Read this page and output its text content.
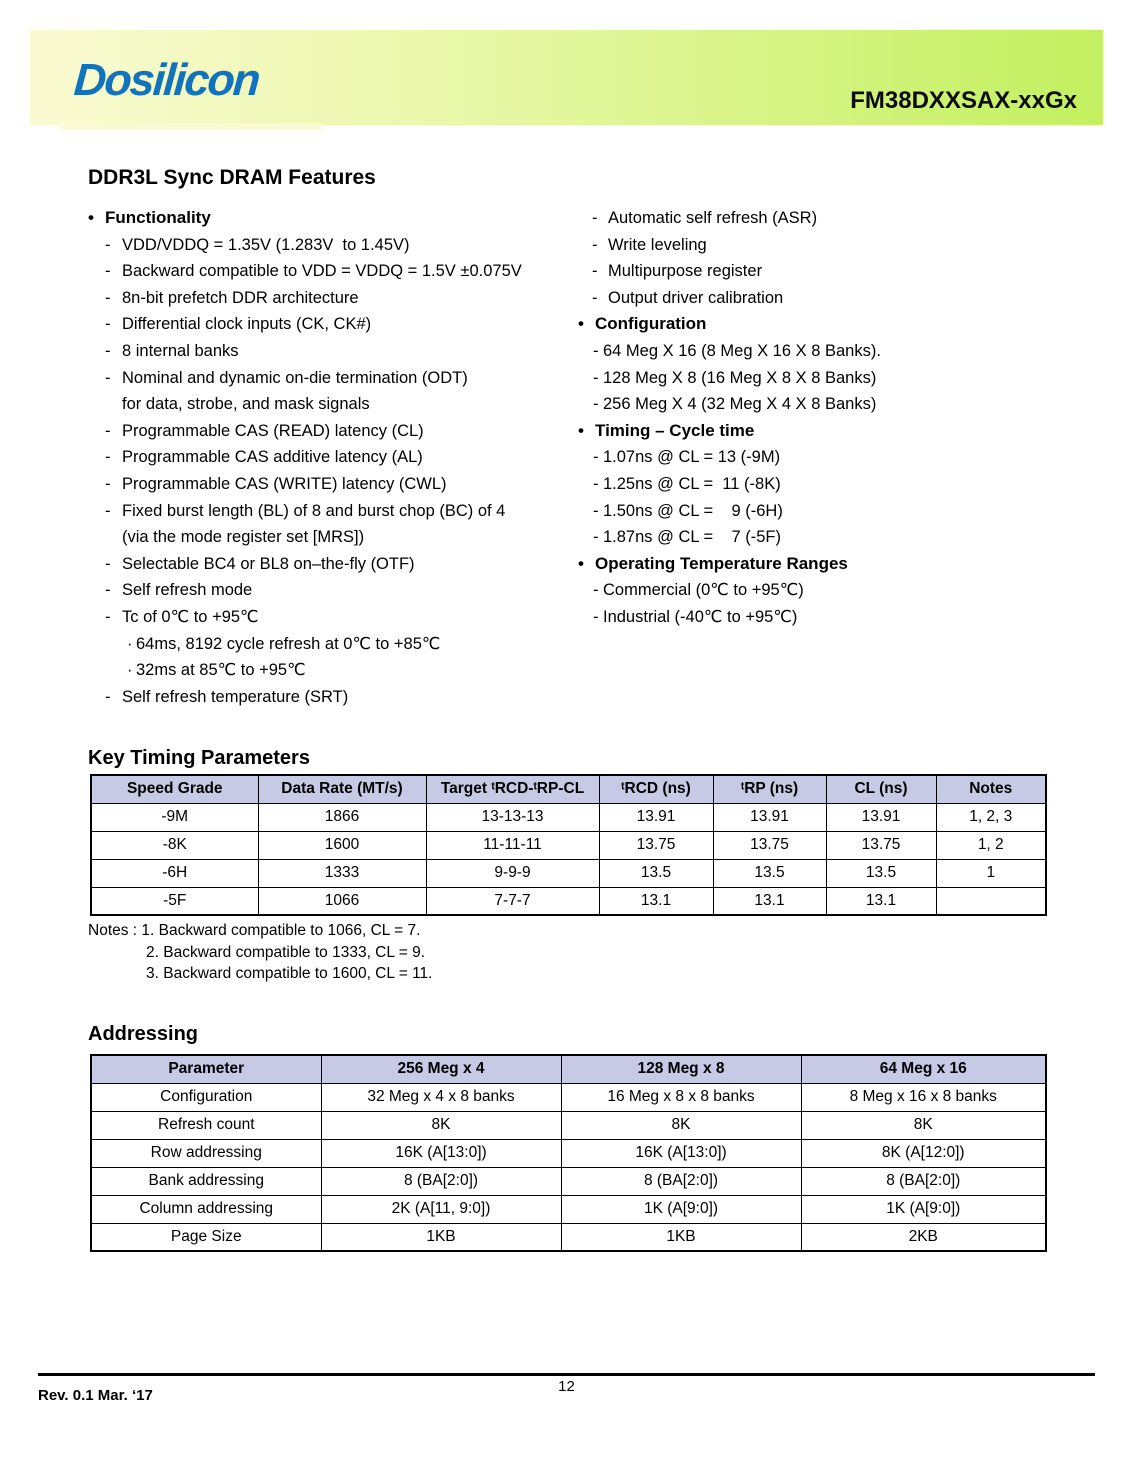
Dosilicon	FM38DXXSAX-xxGx
DDR3L Sync DRAM Features
• Functionality
- VDD/VDDQ = 1.35V (1.283V  to 1.45V)
- Backward compatible to VDD = VDDQ = 1.5V ±0.075V
- 8n-bit prefetch DDR architecture
- Differential clock inputs (CK, CK#)
- 8 internal banks
- Nominal and dynamic on-die termination (ODT)
for data, strobe, and mask signals
- Programmable CAS (READ) latency (CL)
- Programmable CAS additive latency (AL)
- Programmable CAS (WRITE) latency (CWL)
- Fixed burst length (BL) of 8 and burst chop (BC) of 4
(via the mode register set [MRS])
- Selectable BC4 or BL8 on–the-fly (OTF)
- Self refresh mode
- Tc of 0℃ to +95℃
· 64ms, 8192 cycle refresh at 0℃ to +85℃
· 32ms at 85℃ to +95℃
- Self refresh temperature (SRT)
- Automatic self refresh (ASR)
- Write leveling
- Multipurpose register
- Output driver calibration
• Configuration
- 64 Meg X 16 (8 Meg X 16 X 8 Banks).
- 128 Meg X 8 (16 Meg X 8 X 8 Banks)
- 256 Meg X 4 (32 Meg X 4 X 8 Banks)
• Timing – Cycle time
- 1.07ns @ CL = 13 (-9M)
- 1.25ns @ CL =  11 (-8K)
- 1.50ns @ CL =    9 (-6H)
- 1.87ns @ CL =    7 (-5F)
• Operating Temperature Ranges
- Commercial (0℃ to +95℃)
- Industrial (-40℃ to +95℃)
Key Timing Parameters
Speed Grade	Data Rate (MT/s)	Target ᵗRCD-ᵗRP-CL	ᵗRCD (ns)	ᵗRP (ns)	CL (ns)	Notes
-9M	1866	13-13-13	13.91	13.91	13.91	1, 2, 3
-8K	1600	11-11-11	13.75	13.75	13.75	1, 2
-6H	1333	9-9-9	13.5	13.5	13.5	1
-5F	1066	7-7-7	13.1	13.1	13.1	
Notes : 1. Backward compatible to 1066, CL = 7.
2. Backward compatible to 1333, CL = 9.
3. Backward compatible to 1600, CL = 11.
Addressing
Parameter	256 Meg x 4	128 Meg x 8	64 Meg x 16
Configuration	32 Meg x 4 x 8 banks	16 Meg x 8 x 8 banks	8 Meg x 16 x 8 banks
Refresh count	8K	8K	8K
Row addressing	16K (A[13:0])	16K (A[13:0])	8K (A[12:0])
Bank addressing	8 (BA[2:0])	8 (BA[2:0])	8 (BA[2:0])
Column addressing	2K (A[11, 9:0])	1K (A[9:0])	1K (A[9:0])
Page Size	1KB	1KB	2KB
Rev. 0.1 Mar. ‘17
12
